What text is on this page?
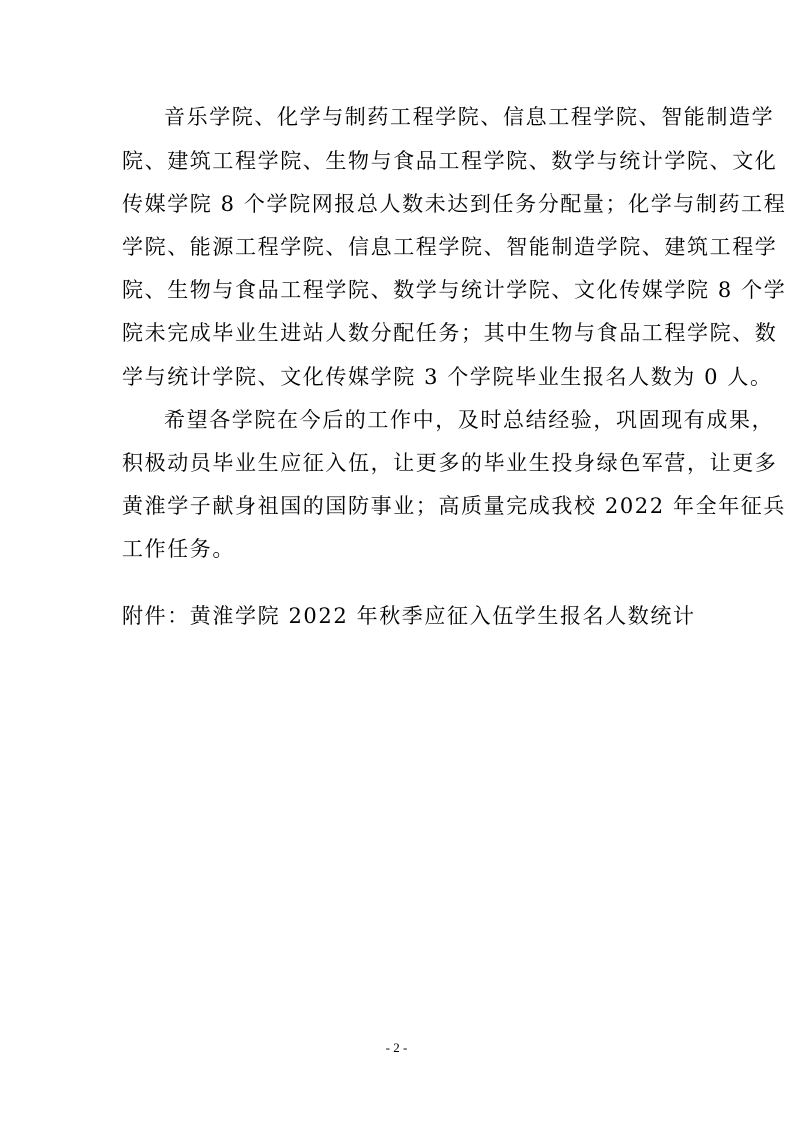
音乐学院、化学与制药工程学院、信息工程学院、智能制造学
院、建筑工程学院、生物与食品工程学院、数学与统计学院、文化
传媒学院 8 个学院网报总人数未达到任务分配量；化学与制药工程
学院、能源工程学院、信息工程学院、智能制造学院、建筑工程学
院、生物与食品工程学院、数学与统计学院、文化传媒学院 8 个学
院未完成毕业生进站人数分配任务；其中生物与食品工程学院、数
学与统计学院、文化传媒学院 3 个学院毕业生报名人数为 0 人。
希望各学院在今后的工作中，及时总结经验，巩固现有成果，
积极动员毕业生应征入伍，让更多的毕业生投身绿色军营，让更多
黄淮学子献身祖国的国防事业；高质量完成我校 2022 年全年征兵
工作任务。
附件：黄淮学院 2022 年秋季应征入伍学生报名人数统计
- 2 -
